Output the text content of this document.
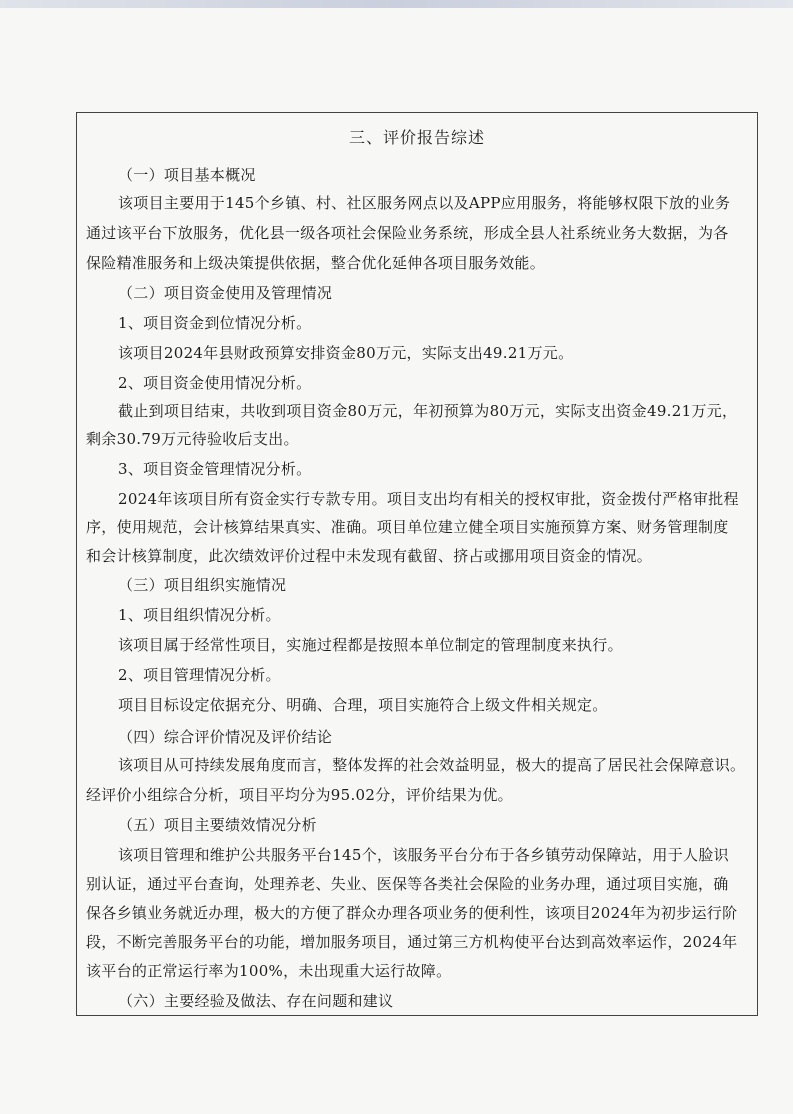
三、评价报告综述
（一）项目基本概况
该项目主要用于145个乡镇、村、社区服务网点以及APP应用服务，将能够权限下放的业务
通过该平台下放服务，优化县一级各项社会保险业务系统，形成全县人社系统业务大数据，为各
保险精准服务和上级决策提供依据，整合优化延伸各项目服务效能。
（二）项目资金使用及管理情况
1、项目资金到位情况分析。
该项目2024年县财政预算安排资金80万元，实际支出49.21万元。
2、项目资金使用情况分析。
截止到项目结束，共收到项目资金80万元，年初预算为80万元，实际支出资金49.21万元，
剩余30.79万元待验收后支出。
3、项目资金管理情况分析。
2024年该项目所有资金实行专款专用。项目支出均有相关的授权审批，资金拨付严格审批程
序，使用规范，会计核算结果真实、准确。项目单位建立健全项目实施预算方案、财务管理制度
和会计核算制度，此次绩效评价过程中未发现有截留、挤占或挪用项目资金的情况。
（三）项目组织实施情况
1、项目组织情况分析。
该项目属于经常性项目，实施过程都是按照本单位制定的管理制度来执行。
2、项目管理情况分析。
项目目标设定依据充分、明确、合理，项目实施符合上级文件相关规定。
（四）综合评价情况及评价结论
该项目从可持续发展角度而言，整体发挥的社会效益明显，极大的提高了居民社会保障意识。
经评价小组综合分析，项目平均分为95.02分，评价结果为优。
（五）项目主要绩效情况分析
该项目管理和维护公共服务平台145个，该服务平台分布于各乡镇劳动保障站，用于人脸识
别认证，通过平台查询，处理养老、失业、医保等各类社会保险的业务办理，通过项目实施，确
保各乡镇业务就近办理，极大的方便了群众办理各项业务的便利性，该项目2024年为初步运行阶
段，不断完善服务平台的功能，增加服务项目，通过第三方机构使平台达到高效率运作，2024年
该平台的正常运行率为100%，未出现重大运行故障。
（六）主要经验及做法、存在问题和建议
